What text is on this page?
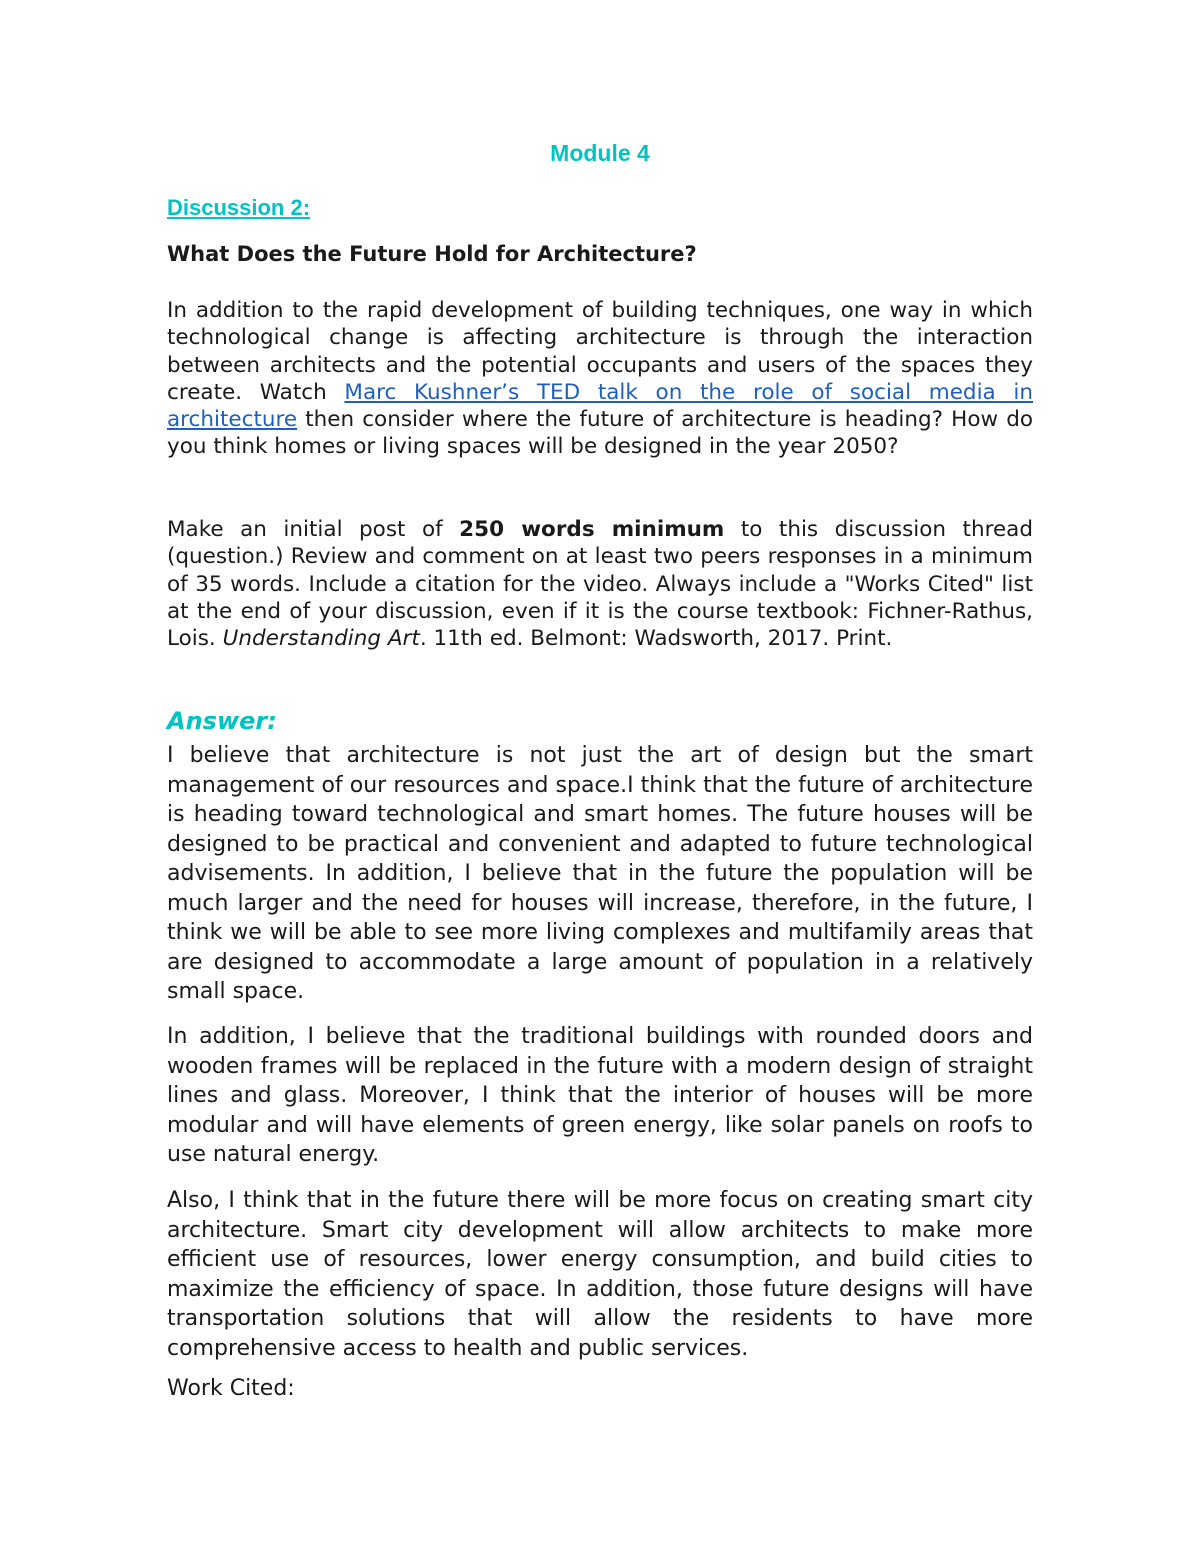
Module 4
Discussion 2:
What Does the Future Hold for Architecture?

In addition to the rapid development of building techniques, one way in which technological change is affecting architecture is through the interaction between architects and the potential occupants and users of the spaces they create. Watch Marc Kushner’s TED talk on the role of social media in architecture then consider where the future of architecture is heading? How do you think homes or living spaces will be designed in the year 2050?

Make an initial post of 250 words minimum to this discussion thread (question.) Review and comment on at least two peers responses in a minimum of 35 words. Include a citation for the video. Always include a "Works Cited" list at the end of your discussion, even if it is the course textbook: Fichner-Rathus, Lois. Understanding Art. 11th ed. Belmont: Wadsworth, 2017. Print.

Answer:

I believe that architecture is not just the art of design but the smart management of our resources and space.I think that the future of architecture is heading toward technological and smart homes. The future houses will be designed to be practical and convenient and adapted to future technological advisements. In addition, I believe that in the future the population will be much larger and the need for houses will increase, therefore, in the future, I think we will be able to see more living complexes and multifamily areas that are designed to accommodate a large amount of population in a relatively small space.

In addition, I believe that the traditional buildings with rounded doors and wooden frames will be replaced in the future with a modern design of straight lines and glass. Moreover, I think that the interior of houses will be more modular and will have elements of green energy, like solar panels on roofs to use natural energy.

Also, I think that in the future there will be more focus on creating smart city architecture. Smart city development will allow architects to make more efficient use of resources, lower energy consumption, and build cities to maximize the efficiency of space. In addition, those future designs will have transportation solutions that will allow the residents to have more comprehensive access to health and public services.

Work Cited:
